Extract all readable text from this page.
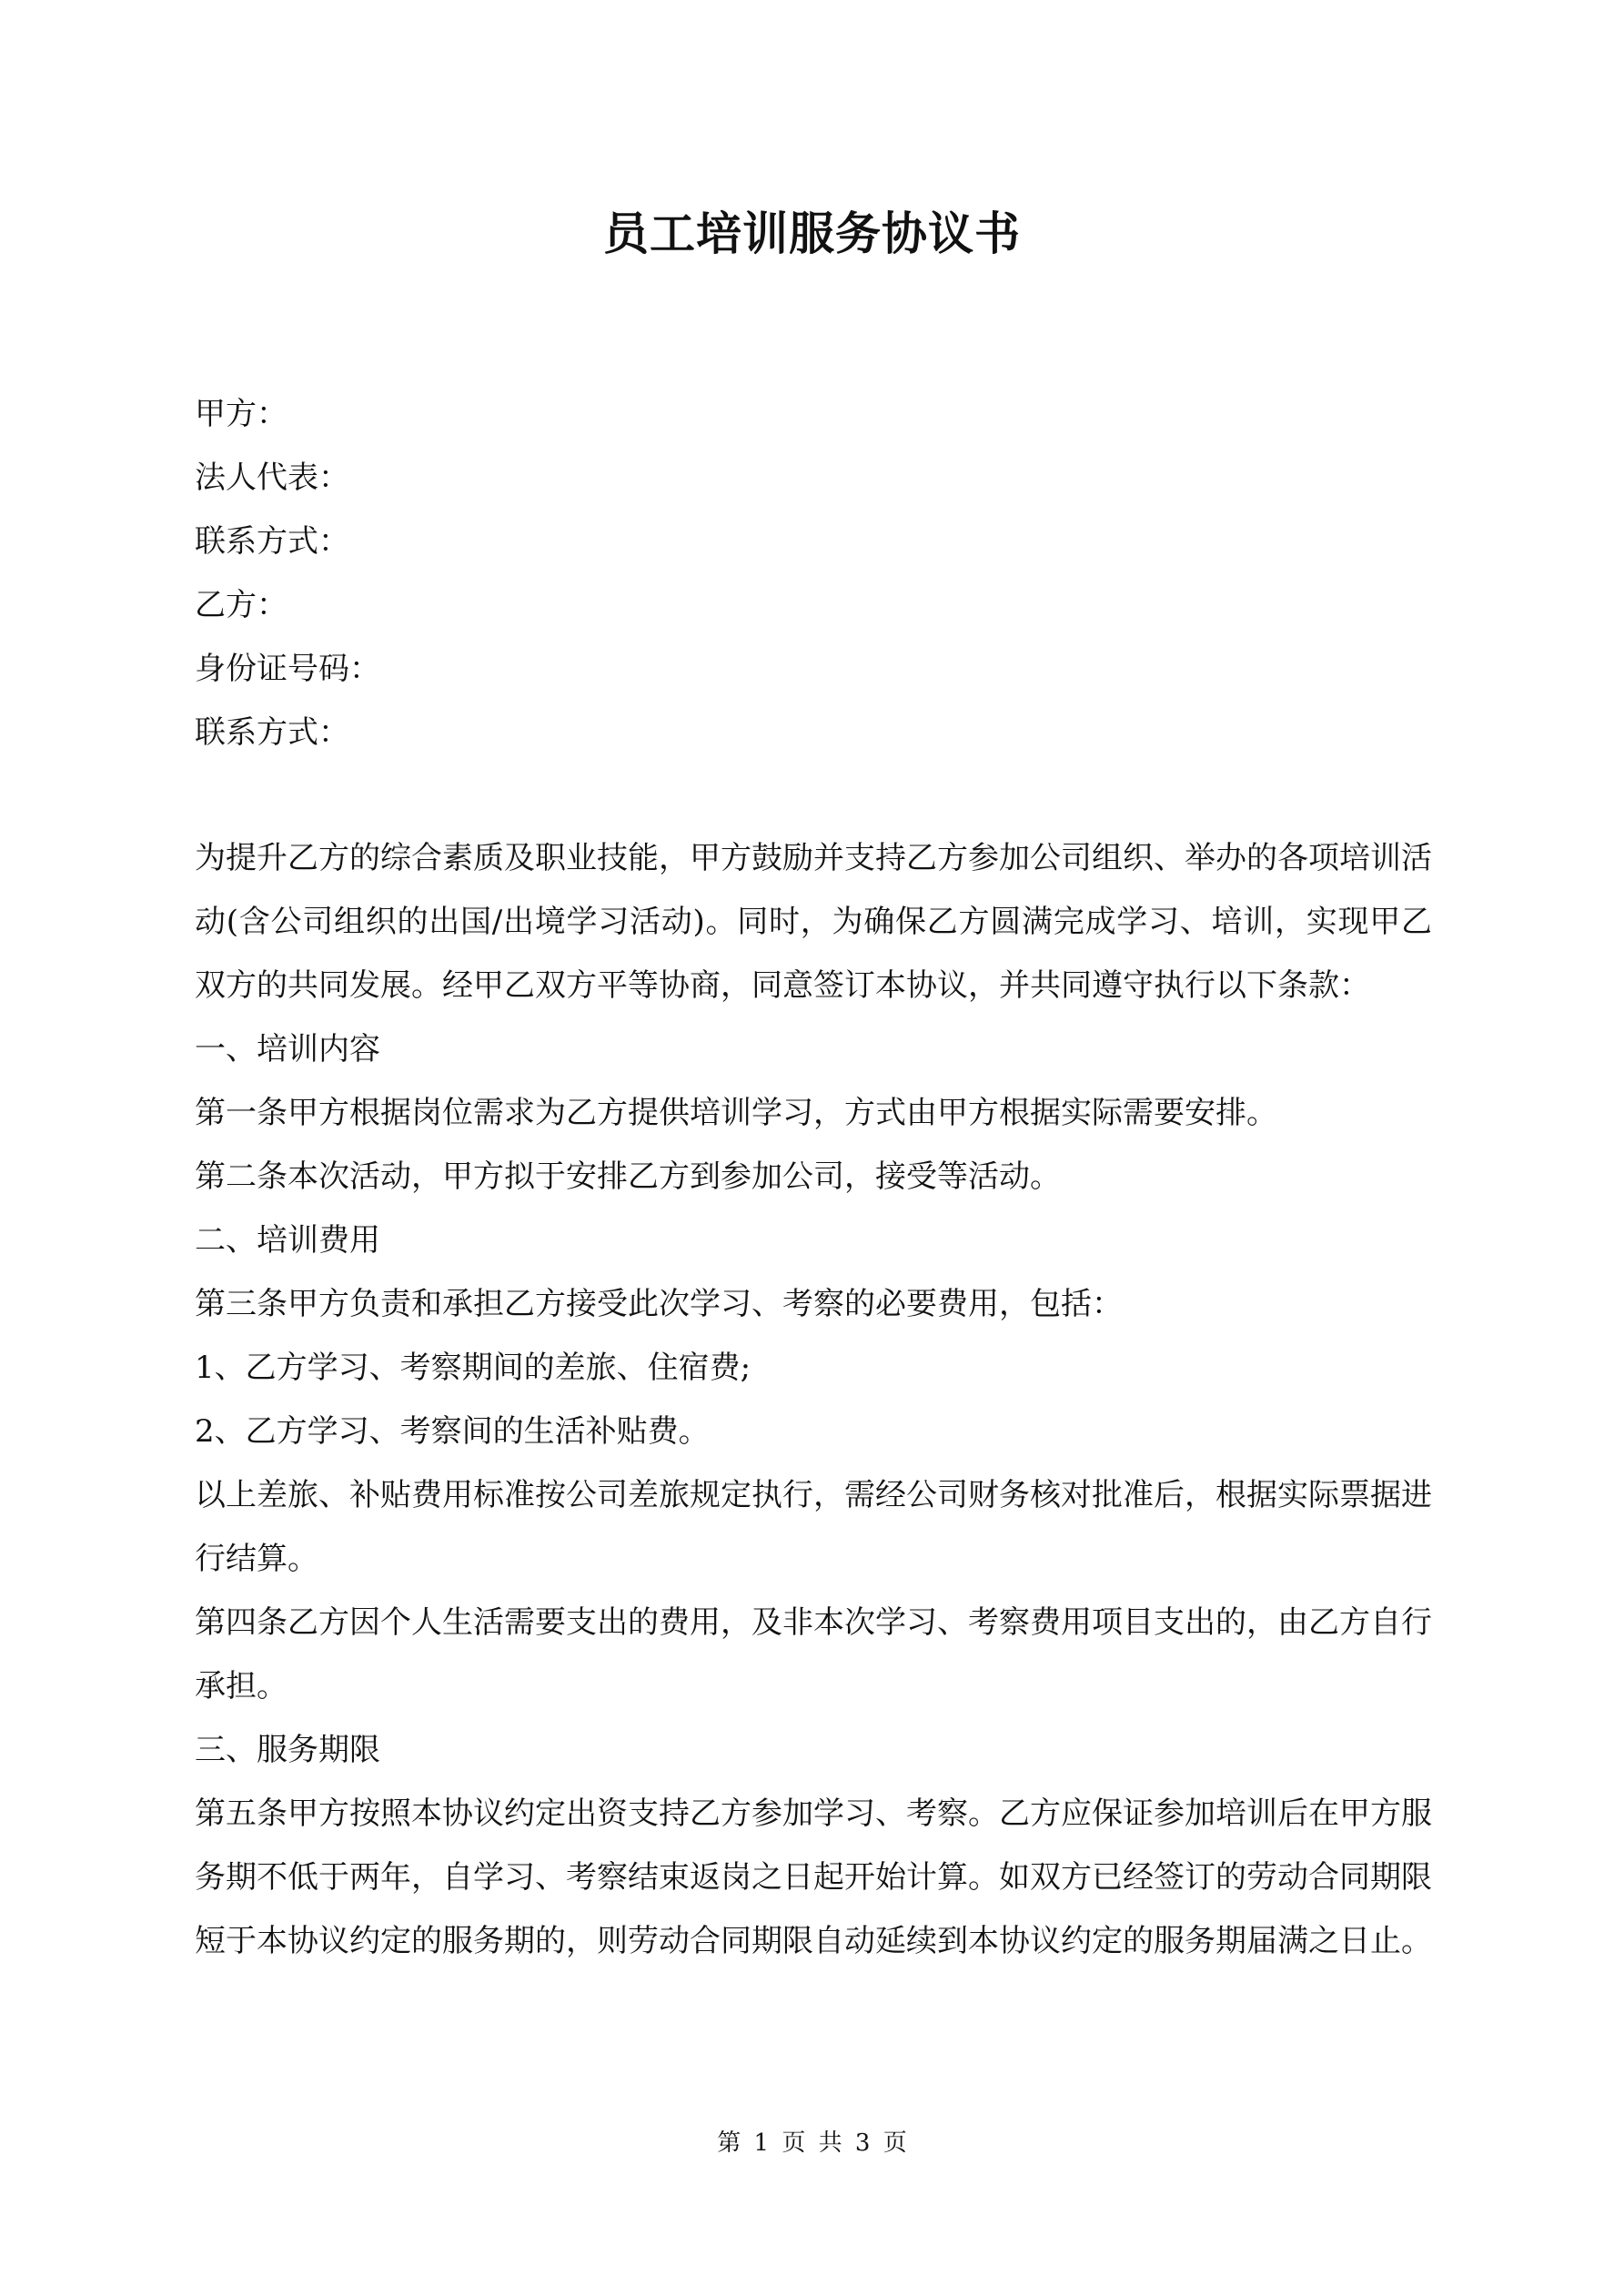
员工培训服务协议书
甲方：
法人代表：
联系方式：
乙方：
身份证号码：
联系方式：

为提升乙方的综合素质及职业技能，甲方鼓励并支持乙方参加公司组织、举办的各项培训活动(含公司组织的出国/出境学习活动)。同时，为确保乙方圆满完成学习、培训，实现甲乙双方的共同发展。经甲乙双方平等协商，同意签订本协议，并共同遵守执行以下条款：

一、培训内容

第一条甲方根据岗位需求为乙方提供培训学习，方式由甲方根据实际需要安排。

第二条本次活动，甲方拟于安排乙方到参加公司，接受等活动。

二、培训费用

第三条甲方负责和承担乙方接受此次学习、考察的必要费用，包括：

1、乙方学习、考察期间的差旅、住宿费;

2、乙方学习、考察间的生活补贴费。

以上差旅、补贴费用标准按公司差旅规定执行，需经公司财务核对批准后，根据实际票据进行结算。

第四条乙方因个人生活需要支出的费用，及非本次学习、考察费用项目支出的，由乙方自行承担。

三、服务期限

第五条甲方按照本协议约定出资支持乙方参加学习、考察。乙方应保证参加培训后在甲方服务期不低于两年，自学习、考察结束返岗之日起开始计算。如双方已经签订的劳动合同期限短于本协议约定的服务期的，则劳动合同期限自动延续到本协议约定的服务期届满之日止。

第 1 页 共 3 页
